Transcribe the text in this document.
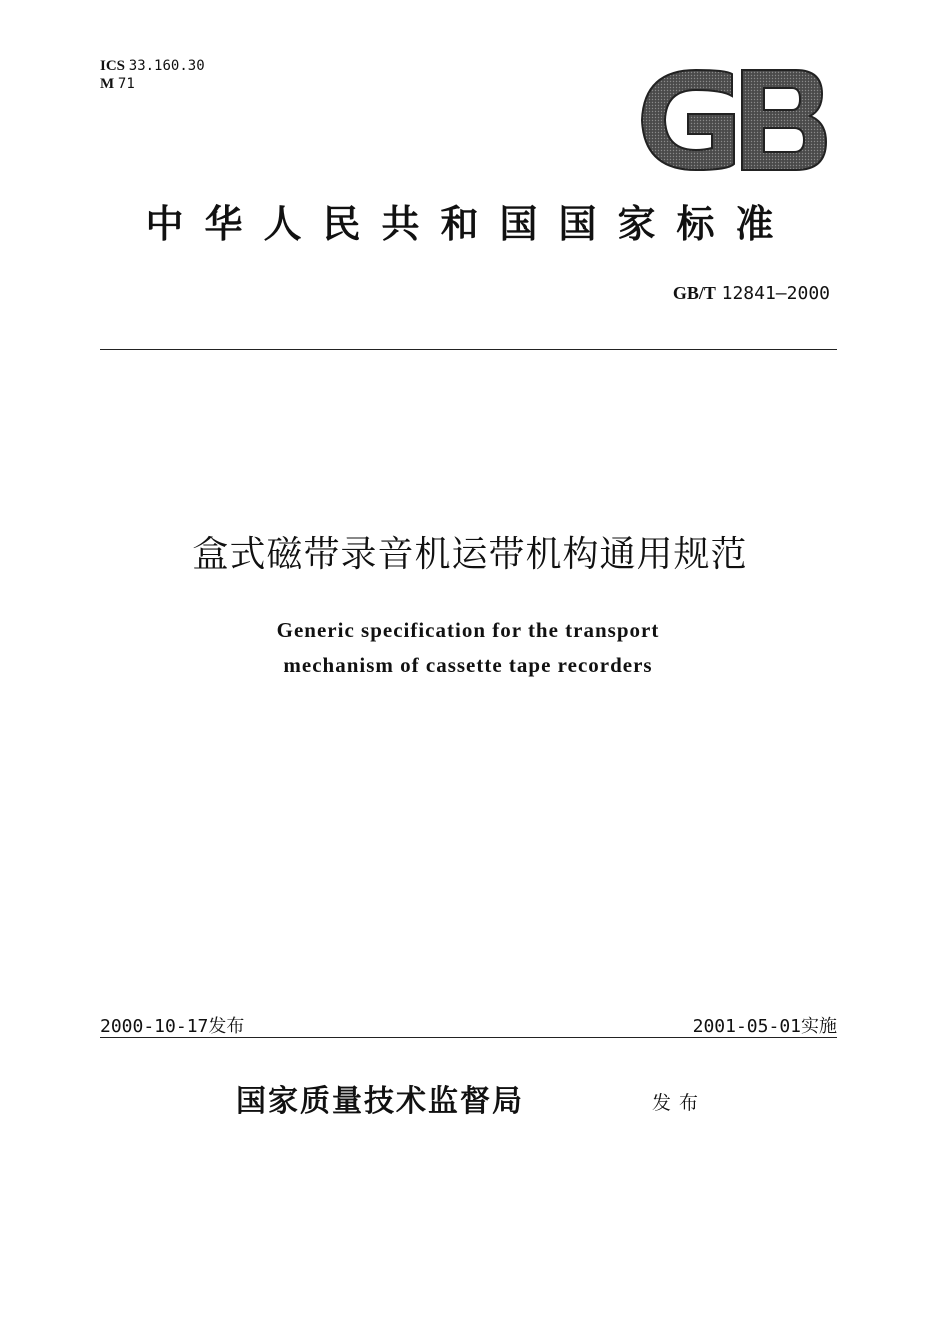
ICS 33.160.30
M 71
中华人民共和国国家标准
GB/T 12841—2000
盒式磁带录音机运带机构通用规范
Generic specification for the transport
mechanism of cassette tape recorders
2000-10-17发布	2001-05-01实施
国家质量技术监督局	发布
